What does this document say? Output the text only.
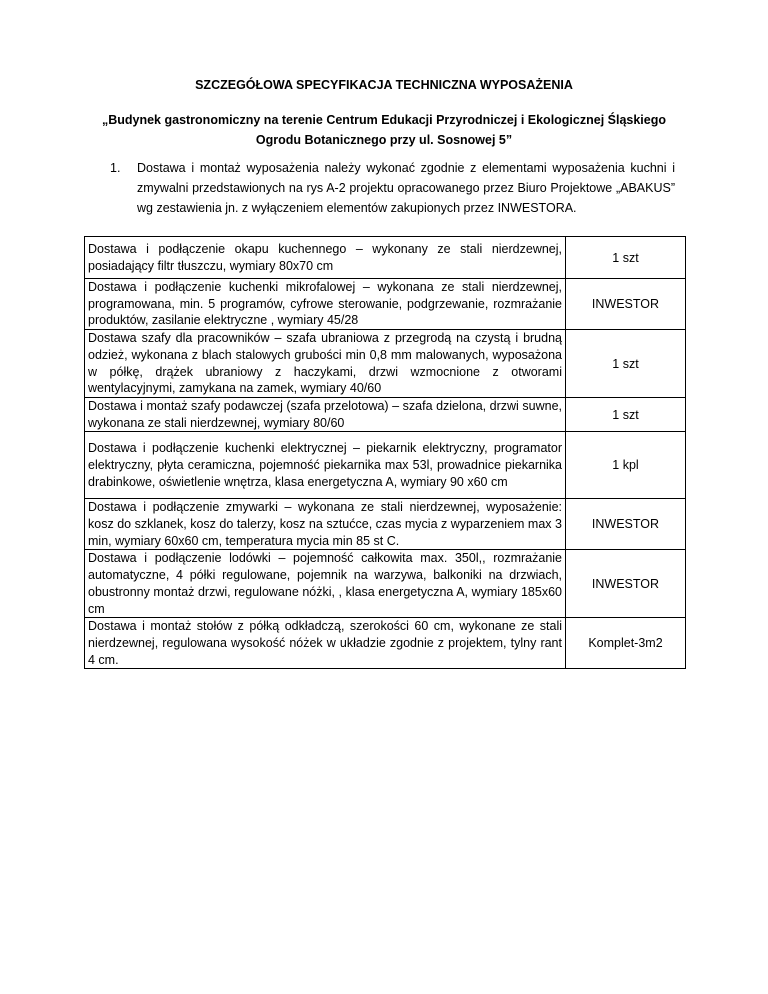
SZCZEGÓŁOWA SPECYFIKACJA TECHNICZNA WYPOSAŻENIA
„Budynek gastronomiczny na terenie Centrum Edukacji Przyrodniczej i Ekologicznej Śląskiego
Ogrodu Botanicznego przy ul. Sosnowej 5”
1.	Dostawa i montaż wyposażenia należy wykonać zgodnie z elementami wyposażenia kuchni i zmywalni przedstawionych na rys A-2 projektu opracowanego przez Biuro Projektowe „ABAKUS” wg zestawienia jn. z wyłączeniem elementów zakupionych przez INWESTORA.
Dostawa i podłączenie okapu kuchennego – wykonany ze stali nierdzewnej, posiadający filtr tłuszczu, wymiary 80x70 cm	1 szt
Dostawa i podłączenie kuchenki mikrofalowej – wykonana ze stali nierdzewnej, programowana, min. 5 programów, cyfrowe sterowanie, podgrzewanie, rozmrażanie produktów, zasilanie elektryczne , wymiary 45/28	INWESTOR
Dostawa szafy dla pracowników – szafa ubraniowa z przegrodą na czystą i brudną odzież, wykonana z blach stalowych grubości min 0,8 mm malowanych, wyposażona w półkę, drążek ubraniowy z haczykami, drzwi wzmocnione z otworami wentylacyjnymi, zamykana na zamek, wymiary 40/60	1 szt
Dostawa i montaż szafy podawczej (szafa przelotowa) – szafa dzielona, drzwi suwne, wykonana ze stali nierdzewnej, wymiary 80/60	1 szt
Dostawa i podłączenie kuchenki elektrycznej – piekarnik elektryczny, programator elektryczny, płyta ceramiczna, pojemność piekarnika max 53l, prowadnice piekarnika drabinkowe, oświetlenie wnętrza, klasa energetyczna A, wymiary 90 x60 cm	1 kpl
Dostawa i podłączenie zmywarki – wykonana ze stali nierdzewnej, wyposażenie: kosz do szklanek, kosz do talerzy, kosz na sztućce, czas mycia z wyparzeniem max 3 min, wymiary 60x60 cm, temperatura mycia min 85 st C.	INWESTOR
Dostawa i podłączenie lodówki – pojemność całkowita max. 350l,, rozmrażanie automatyczne, 4 półki regulowane, pojemnik na warzywa, balkoniki na drzwiach, obustronny montaż drzwi, regulowane nóżki, , klasa energetyczna A, wymiary 185x60 cm	INWESTOR
Dostawa i montaż stołów z półką odkładczą, szerokości 60 cm, wykonane ze stali nierdzewnej, regulowana wysokość nóżek w układzie zgodnie z projektem, tylny rant 4 cm.	Komplet-3m2
